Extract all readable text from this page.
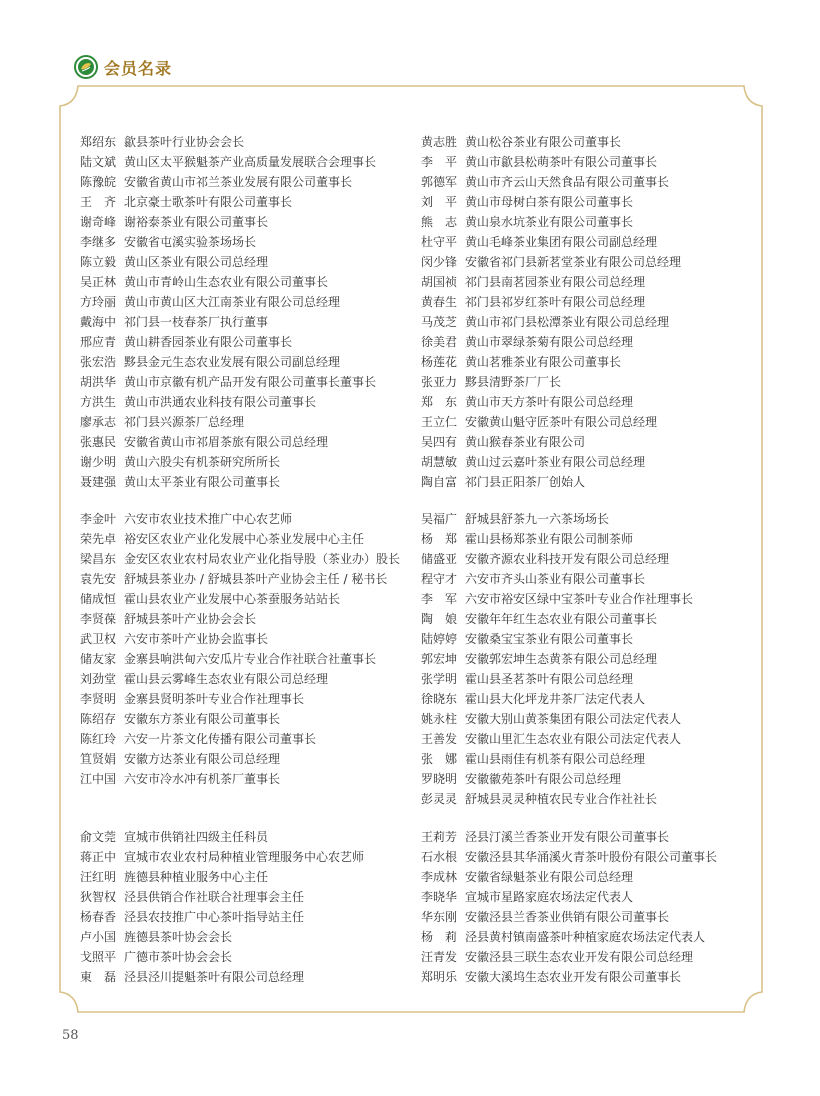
会员名录
郑绍东 歙县茶叶行业协会会长
陆文斌 黄山区太平猴魁茶产业高质量发展联合会理事长
陈豫皖 安徽省黄山市祁兰茶业发展有限公司董事长
王　齐 北京豪士歌茶叶有限公司董事长
谢奇峰 谢裕泰茶业有限公司董事长
李继多 安徽省屯溪实验茶场场长
陈立毅 黄山区茶业有限公司总经理
吴正林 黄山市青岭山生态农业有限公司董事长
方玲丽 黄山市黄山区大江南茶业有限公司总经理
戴海中 祁门县一枝春茶厂执行董事
邢应青 黄山耕香园茶业有限公司董事长
张宏浩 黟县金元生态农业发展有限公司副总经理
胡洪华 黄山市京徽有机产品开发有限公司董事长董事长
方洪生 黄山市洪通农业科技有限公司董事长
廖承志 祁门县兴源茶厂总经理
张惠民 安徽省黄山市祁眉茶旅有限公司总经理
谢少明 黄山六股尖有机茶研究所所长
聂建强 黄山太平茶业有限公司董事长
李金叶 六安市农业技术推广中心农艺师
荣先卓 裕安区农业产业化发展中心茶业发展中心主任
梁昌东 金安区农业农村局农业产业化指导股（茶业办）股长
袁先安 舒城县茶业办 / 舒城县茶叶产业协会主任 / 秘书长
储成恒 霍山县农业产业发展中心茶蚕服务站站长
李贤葆 舒城县茶叶产业协会会长
武卫权 六安市茶叶产业协会监事长
储友家 金寨县响洪甸六安瓜片专业合作社联合社董事长
刘劲堂 霍山县云雾峰生态农业有限公司总经理
李贤明 金寨县贤明茶叶专业合作社理事长
陈绍存 安徽东方茶业有限公司董事长
陈红玲 六安一片茶文化传播有限公司董事长
笪贤娟 安徽方达茶业有限公司总经理
江中国 六安市冷水冲有机茶厂董事长
俞文莞 宣城市供销社四级主任科员
蒋正中 宣城市农业农村局种植业管理服务中心农艺师
汪红明 旌德县种植业服务中心主任
狄智权 泾县供销合作社联合社理事会主任
杨春香 泾县农技推广中心茶叶指导站主任
卢小国 旌德县茶叶协会会长
戈照平 广德市茶叶协会会长
東　磊 泾县泾川提魁茶叶有限公司总经理
黄志胜 黄山松谷茶业有限公司董事长
李　平 黄山市歙县松萌茶叶有限公司董事长
郭德军 黄山市齐云山天然食品有限公司董事长
刘　平 黄山市母树白茶有限公司董事长
熊　志 黄山泉水坑茶业有限公司董事长
杜守平 黄山毛峰茶业集团有限公司副总经理
闵少锋 安徽省祁门县新茗堂茶业有限公司总经理
胡国祯 祁门县南茗园茶业有限公司总经理
黄春生 祁门县祁岁红茶叶有限公司总经理
马茂芝 黄山市祁门县松潭茶业有限公司总经理
徐美君 黄山市翠绿茶菊有限公司总经理
杨莲花 黄山茗雅茶业有限公司董事长
张亚力 黟县清野茶厂厂长
郑　东 黄山市天方茶叶有限公司总经理
王立仁 安徽黄山魁守匠茶叶有限公司总经理
吴四有 黄山猴春茶业有限公司
胡慧敏 黄山过云嘉叶茶业有限公司总经理
陶自富 祁门县正阳茶厂创始人
吴福广 舒城县舒茶九一六茶场场长
杨　郑 霍山县杨郑茶业有限公司制茶师
储盛亚 安徽齐源农业科技开发有限公司总经理
程守才 六安市齐头山茶业有限公司董事长
李　军 六安市裕安区绿中宝茶叶专业合作社理事长
陶　娘 安徽年年红生态农业有限公司董事长
陆婷婷 安徽桑宝宝茶业有限公司董事长
郭宏坤 安徽郭宏坤生态黄茶有限公司总经理
张学明 霍山县圣茗茶叶有限公司总经理
徐晓东 霍山县大化坪龙井茶厂法定代表人
姚永柱 安徽大别山黄茶集团有限公司法定代表人
王善发 安徽山里汇生态农业有限公司法定代表人
张　娜 霍山县雨佳有机茶有限公司总经理
罗晓明 安徽徽苑茶叶有限公司总经理
彭灵灵 舒城县灵灵种植农民专业合作社社长
王莉芳 泾县汀溪兰香茶业开发有限公司董事长
石水根 安徽泾县其华涌溪火青茶叶股份有限公司董事长
李成林 安徽省绿魁茶业有限公司总经理
李晓华 宣城市星路家庭农场法定代表人
华东刚 安徽泾县兰香茶业供销有限公司董事长
杨　莉 泾县黄村镇南盛茶叶种植家庭农场法定代表人
汪青发 安徽泾县三联生态农业开发有限公司总经理
郑明乐 安徽大溪坞生态农业开发有限公司董事长
58
